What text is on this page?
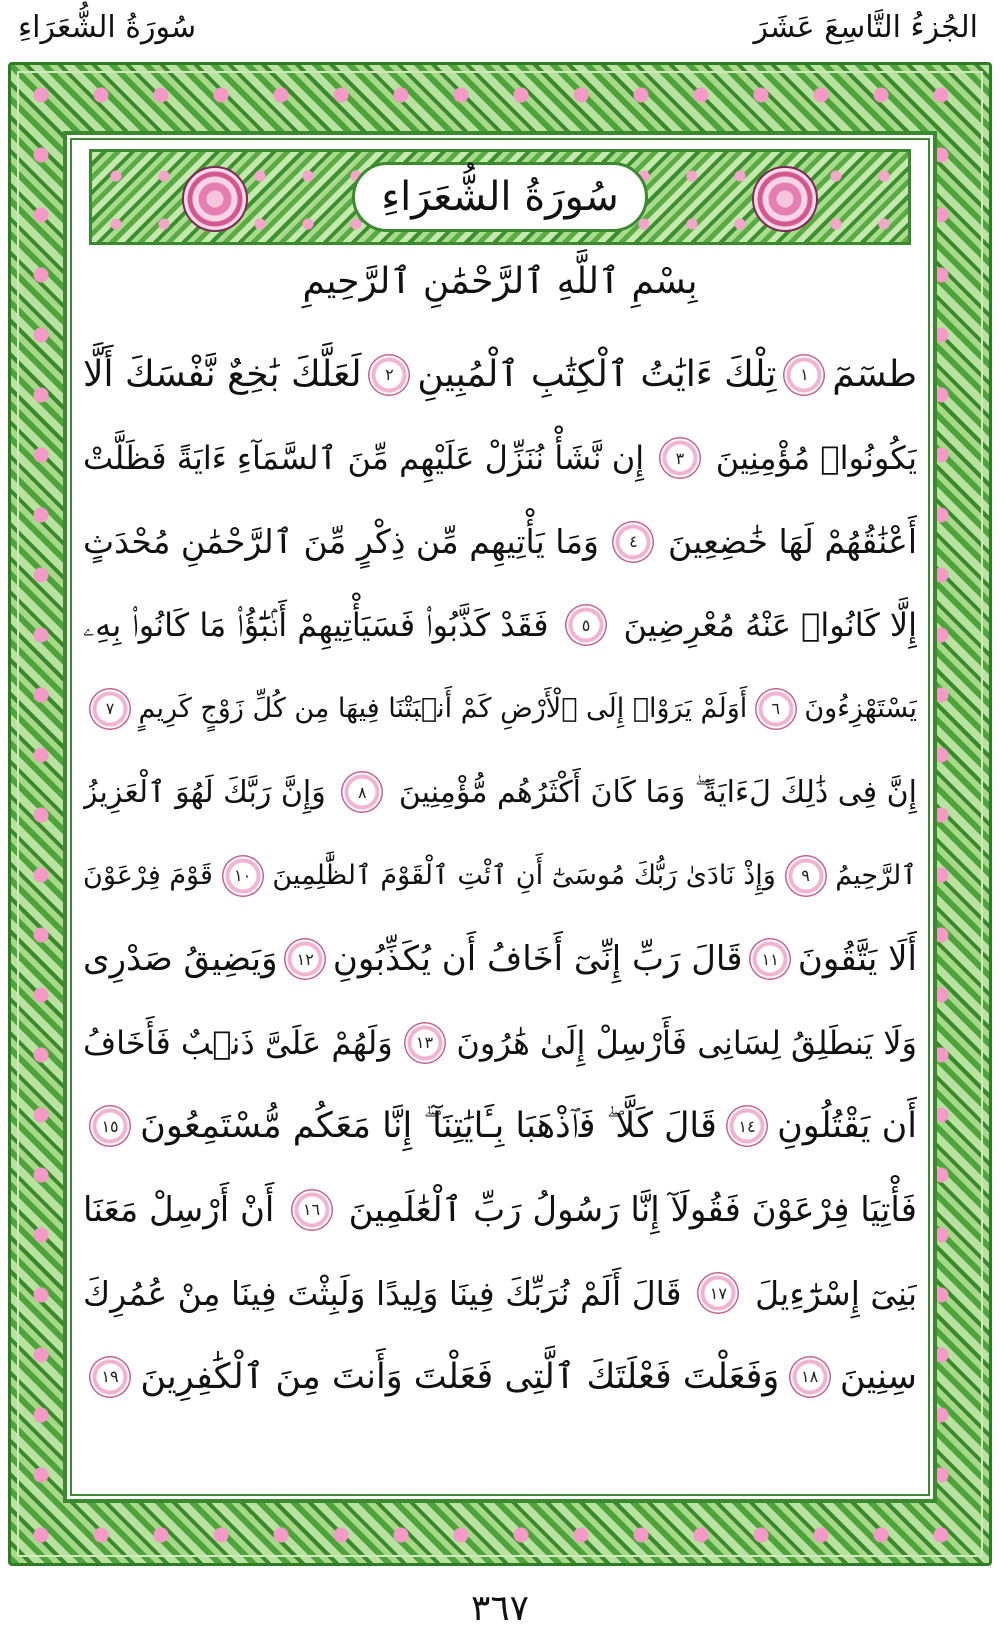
الجُزءُ التَّاسِعَ عَشَرَ
سُورَةُ الشُّعَرَاءِ
سُورَةُ الشُّعَرَاءِ
بِسْمِ ٱللَّهِ ٱلرَّحْمَٰنِ ٱلرَّحِيمِ
طسٓمٓ
١
تِلْكَ ءَايَٰتُ ٱلْكِتَٰبِ ٱلْمُبِينِ
٢
لَعَلَّكَ بَٰخِعٌ نَّفْسَكَ أَلَّا
يَكُونُوا۟ مُؤْمِنِينَ
٣
إِن نَّشَأْ نُنَزِّلْ عَلَيْهِم مِّنَ ٱلسَّمَآءِ ءَايَةً فَظَلَّتْ
أَعْنَٰقُهُمْ لَهَا خَٰضِعِينَ
٤
وَمَا يَأْتِيهِم مِّن ذِكْرٍ مِّنَ ٱلرَّحْمَٰنِ مُحْدَثٍ
إِلَّا كَانُوا۟ عَنْهُ مُعْرِضِينَ
٥
فَقَدْ كَذَّبُوا۟ فَسَيَأْتِيهِمْ أَنۢبَٰٓؤُا۟ مَا كَانُوا۟ بِهِۦ
يَسْتَهْزِءُونَ
٦
أَوَلَمْ يَرَوْا۟ إِلَى ٱلْأَرْضِ كَمْ أَنۢبَتْنَا فِيهَا مِن كُلِّ زَوْجٍ كَرِيمٍ
٧
إِنَّ فِى ذَٰلِكَ لَءَايَةً ۖ وَمَا كَانَ أَكْثَرُهُم مُّؤْمِنِينَ
٨
وَإِنَّ رَبَّكَ لَهُوَ ٱلْعَزِيزُ
ٱلرَّحِيمُ
٩
وَإِذْ نَادَىٰ رَبُّكَ مُوسَىٰٓ أَنِ ٱئْتِ ٱلْقَوْمَ ٱلظَّٰلِمِينَ
١٠
قَوْمَ فِرْعَوْنَ
أَلَا يَتَّقُونَ
١١
قَالَ رَبِّ إِنِّىٓ أَخَافُ أَن يُكَذِّبُونِ
١٢
وَيَضِيقُ صَدْرِى
وَلَا يَنطَلِقُ لِسَانِى فَأَرْسِلْ إِلَىٰ هَٰرُونَ
١٣
وَلَهُمْ عَلَىَّ ذَنۢبٌ فَأَخَافُ
أَن يَقْتُلُونِ
١٤
قَالَ كَلَّا ۖ فَٱذْهَبَا بِـَٔايَٰتِنَآ ۖ إِنَّا مَعَكُم مُّسْتَمِعُونَ
١٥
فَأْتِيَا فِرْعَوْنَ فَقُولَآ إِنَّا رَسُولُ رَبِّ ٱلْعَٰلَمِينَ
١٦
أَنْ أَرْسِلْ مَعَنَا
بَنِىٓ إِسْرَٰٓءِيلَ
١٧
قَالَ أَلَمْ نُرَبِّكَ فِينَا وَلِيدًا وَلَبِثْتَ فِينَا مِنْ عُمُرِكَ
سِنِينَ
١٨
وَفَعَلْتَ فَعْلَتَكَ ٱلَّتِى فَعَلْتَ وَأَنتَ مِنَ ٱلْكَٰفِرِينَ
١٩
٣٦٧
